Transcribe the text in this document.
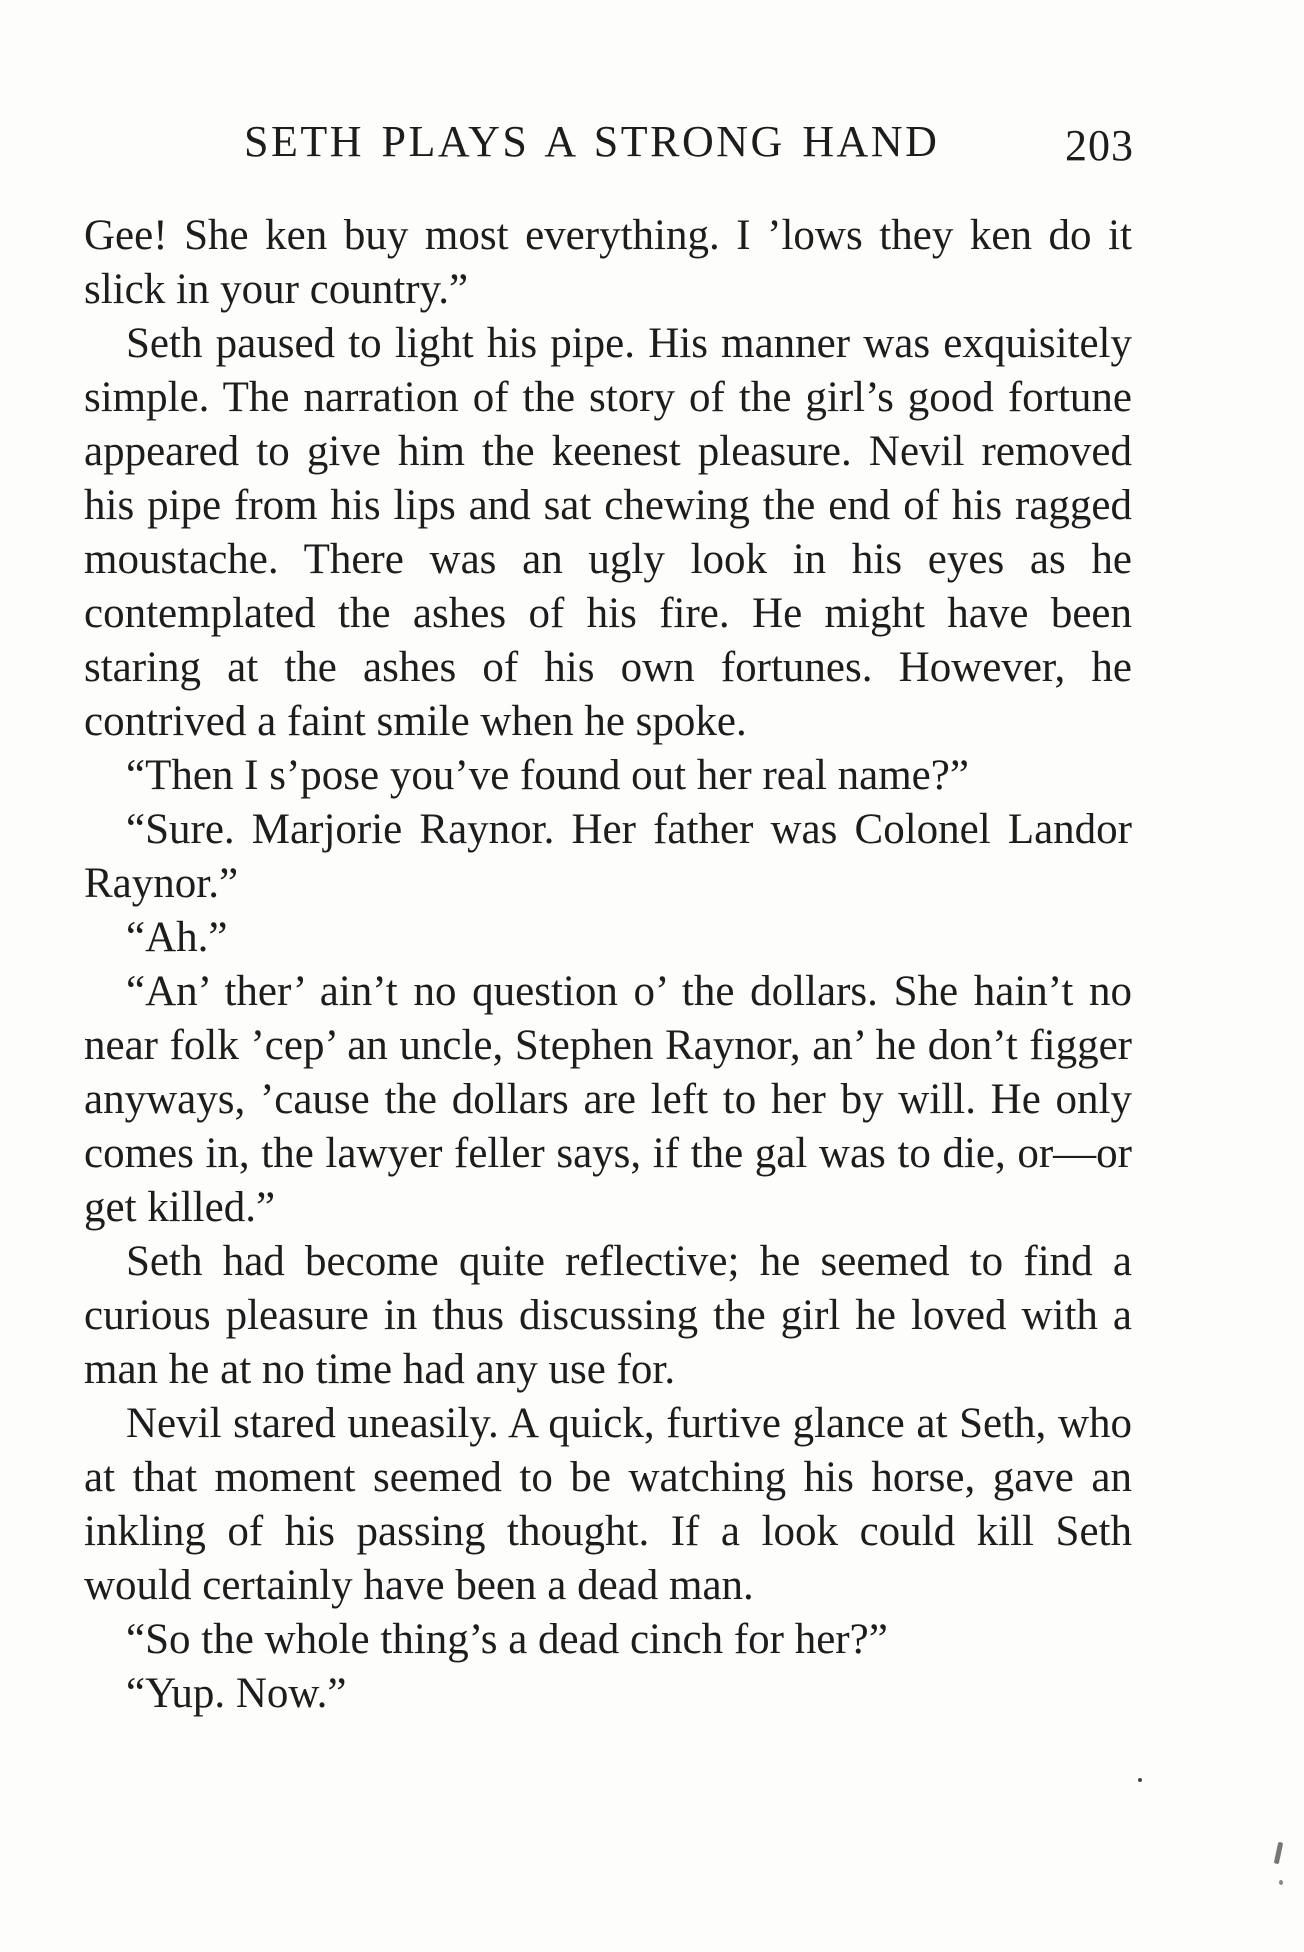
SETH PLAYS A STRONG HAND	203

Gee! She ken buy most everything. I ’lows they ken do it slick in your country.”

Seth paused to light his pipe. His manner was exquisitely simple. The narration of the story of the girl’s good fortune appeared to give him the keenest pleasure. Nevil removed his pipe from his lips and sat chewing the end of his ragged moustache. There was an ugly look in his eyes as he contemplated the ashes of his fire. He might have been staring at the ashes of his own fortunes. However, he contrived a faint smile when he spoke.

“Then I s’pose you’ve found out her real name?”

“Sure. Marjorie Raynor. Her father was Colonel Landor Raynor.”

“Ah.”

“An’ ther’ ain’t no question o’ the dollars. She hain’t no near folk ’cep’ an uncle, Stephen Raynor, an’ he don’t figger anyways, ’cause the dollars are left to her by will. He only comes in, the lawyer feller says, if the gal was to die, or—or get killed.”

Seth had become quite reflective; he seemed to find a curious pleasure in thus discussing the girl he loved with a man he at no time had any use for.

Nevil stared uneasily. A quick, furtive glance at Seth, who at that moment seemed to be watching his horse, gave an inkling of his passing thought. If a look could kill Seth would certainly have been a dead man.

“So the whole thing’s a dead cinch for her?”

“Yup. Now.”
